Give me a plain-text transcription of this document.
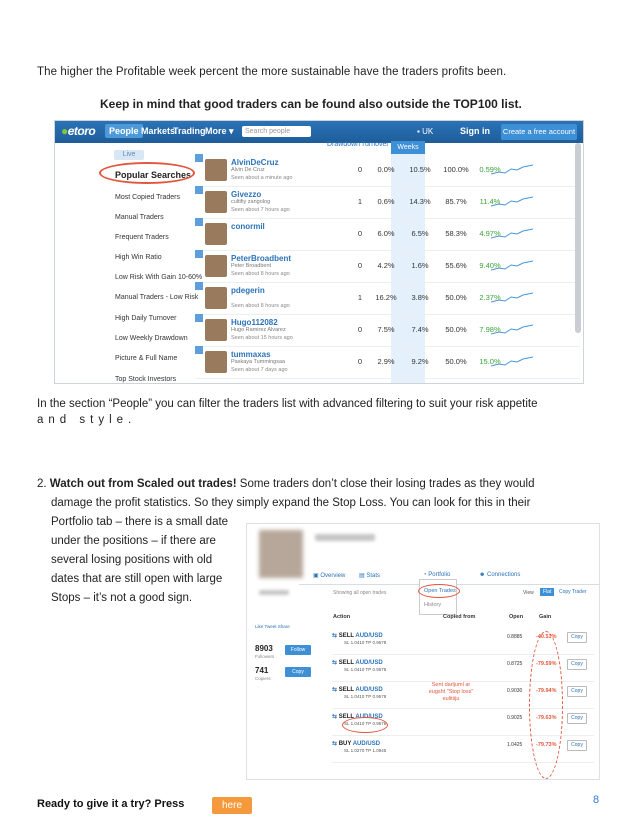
The higher the Profitable week percent the more sustainable have the traders profits been.
Keep in mind that good traders can be found also outside the TOP100 list.
●etoro	People Markets
Trading More ▾	Search people	▪ UK	Sign in Create a free account
Live
Popular Searches
Most Copied Traders
Manual Traders
Frequent Traders
High Win Ratio
Low Risk With Gain 10-60%
Manual Traders - Low Risk
High Daily Turnover
Low Weekly Drawdown
Picture & Full Name
Top Stock Investors
Drawdown Turnover	Weeks
AlvinDeCruz
Alvin De Cruz
Seen about a minute ago
0	0.0%	10.5%	100.0%	0.59%
Givezzo
cultifiy zangolog
Seen about 7 hours ago
1	0.6%	14.3%	85.7%	11.4%
conormil
0	6.0%	6.5%	58.3%	4.97%
PeterBroadbent
Peter Broadbent
Seen about 8 hours ago
0	4.2%	1.6%	55.6%	9.40%
pdegerin
Seen about 8 hours ago
1	16.2%	3.8%	50.0%	2.37%
Hugo112082
Hugo Ramirez Alvarez
Seen about 15 hours ago
0	7.5%	7.4%	50.0%	7.98%
tummaxas
Paskaya Tummingsaa
Seen about 7 days ago
0	2.9%	9.2%	50.0%	15.0%
In the section “People” you can filter the traders list with advanced filtering to suit your risk appetite
and style.
2. Watch out from Scaled out trades! Some traders don’t close their losing trades as they would
damage the profit statistics. So they simply expand the Stop Loss. You can look for this in their
Portfolio tab – there is a small date under the positions – if there are several losing positions with old dates that are still open with large Stops – it’s not a good sign.
▣ Overview ▤ Stats	◔ Portfolio	☻ Connections
Open Trades
History
Showing all open trades	View	Flat	Copy Trader
Action	Copied from	Open	Gain
⇆ SELL AUD/USD
SL 1.0410 TP 0.9578
0.8885 -40.51%	Copy
⇆ SELL AUD/USD
SL 1.0410 TP 0.9578
0.8725 -79.59%	Copy
⇆ SELL AUD/USD
SL 1.0410 TP 0.9578
0.9030 -79.94%	Copy
⇆ SELL AUD/USD
SL 1.0410 TP 0.9578
0.9025 -79.63%	Copy
⇆ BUY AUD/USD
SL 1.0270 TP 1.0945
1.0425 -79.73%	Copy
Sent darljuml ar eugsht "Stop loss" eulitiiju
Like Tweet Share
8903
Followers
Follow
741
Copiers
Copy
Ready to give it a try? Press	here	8
